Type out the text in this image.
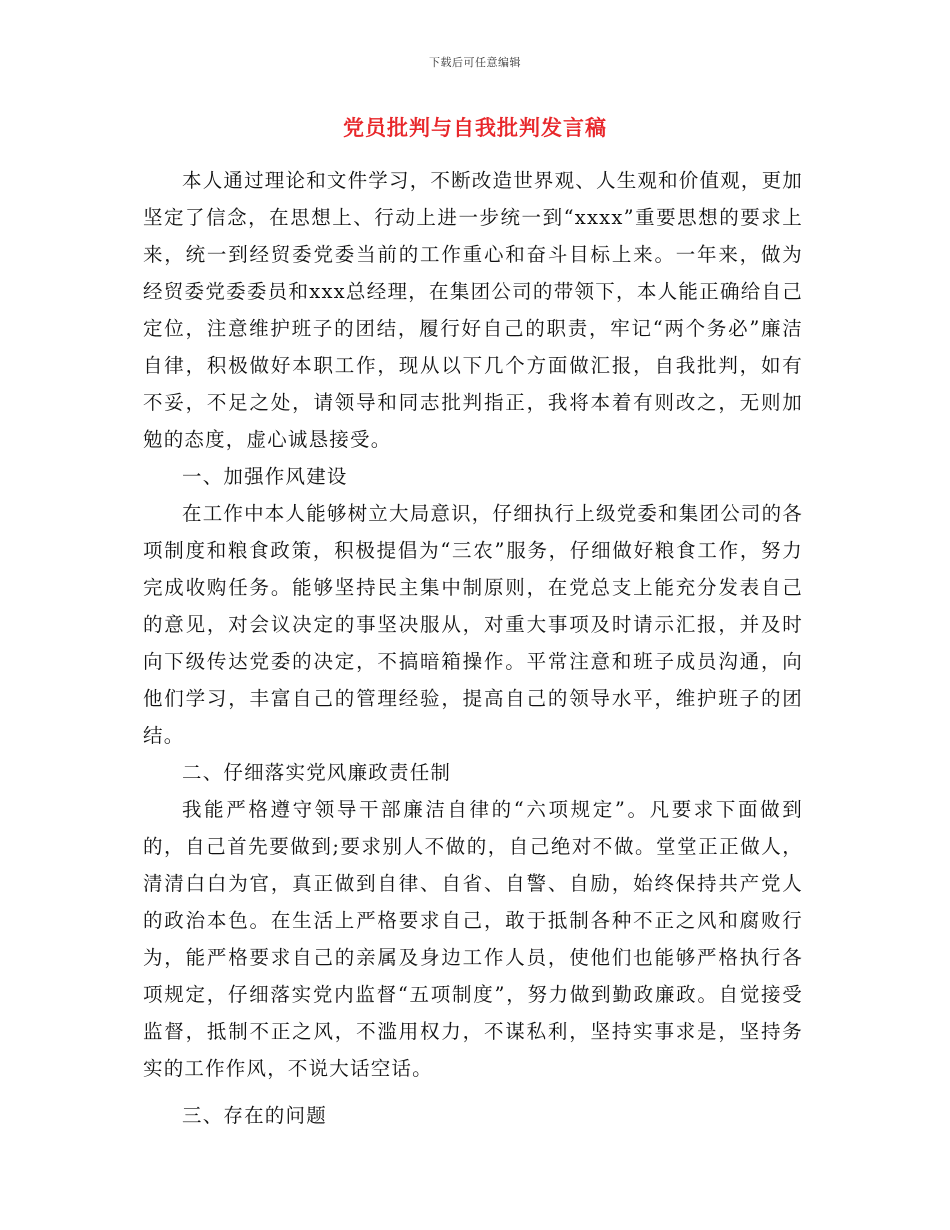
下载后可任意编辑
党员批判与自我批判发言稿

本人通过理论和文件学习，不断改造世界观、人生观和价值观，更加坚定了信念，在思想上、行动上进一步统一到“xxxx”重要思想的要求上来，统一到经贸委党委当前的工作重心和奋斗目标上来。一年来，做为经贸委党委委员和xxx总经理，在集团公司的带领下，本人能正确给自己定位，注意维护班子的团结，履行好自己的职责，牢记“两个务必”廉洁自律，积极做好本职工作，现从以下几个方面做汇报，自我批判，如有不妥，不足之处，请领导和同志批判指正，我将本着有则改之，无则加勉的态度，虚心诚恳接受。

一、加强作风建设

在工作中本人能够树立大局意识，仔细执行上级党委和集团公司的各项制度和粮食政策，积极提倡为“三农”服务，仔细做好粮食工作，努力完成收购任务。能够坚持民主集中制原则，在党总支上能充分发表自己的意见，对会议决定的事坚决服从，对重大事项及时请示汇报，并及时向下级传达党委的决定，不搞暗箱操作。平常注意和班子成员沟通，向他们学习，丰富自己的管理经验，提高自己的领导水平，维护班子的团结。

二、仔细落实党风廉政责任制

我能严格遵守领导干部廉洁自律的“六项规定”。凡要求下面做到的，自己首先要做到;要求别人不做的，自己绝对不做。堂堂正正做人，清清白白为官，真正做到自律、自省、自警、自励，始终保持共产党人的政治本色。在生活上严格要求自己，敢于抵制各种不正之风和腐败行为，能严格要求自己的亲属及身边工作人员，使他们也能够严格执行各项规定，仔细落实党内监督“五项制度”，努力做到勤政廉政。自觉接受监督，抵制不正之风，不滥用权力，不谋私利，坚持实事求是，坚持务实的工作作风，不说大话空话。

三、存在的问题
